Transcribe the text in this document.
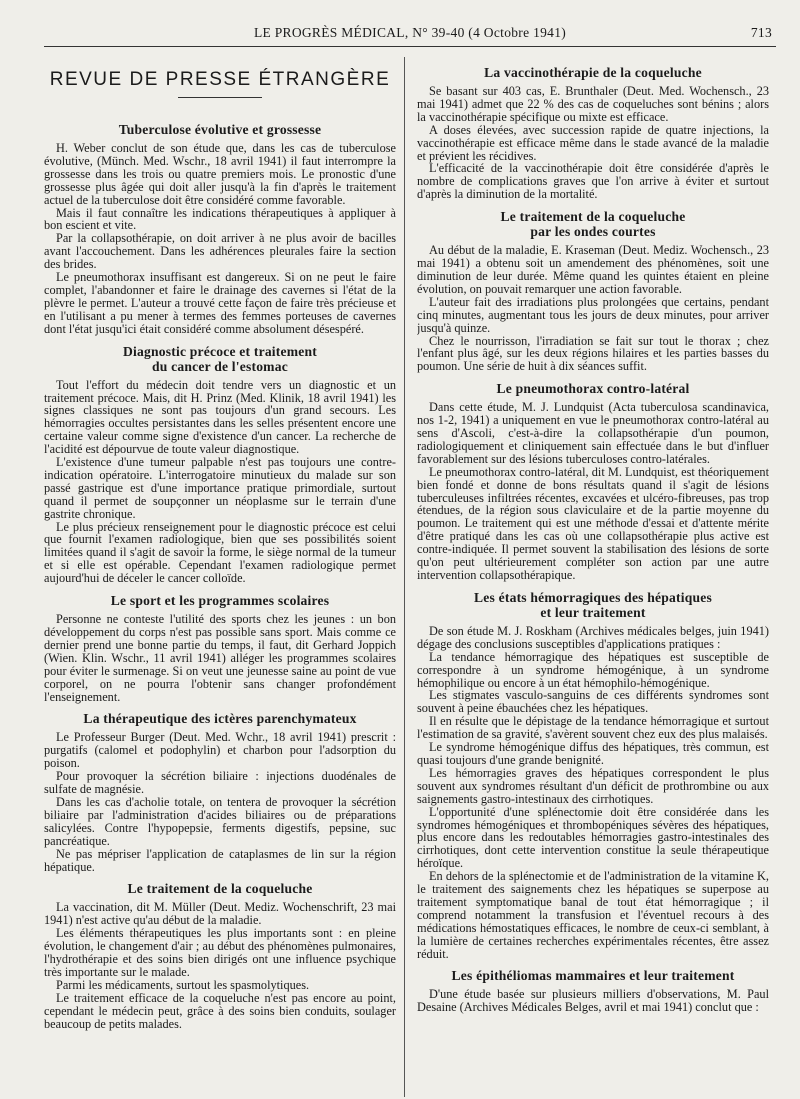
LE PROGRÈS MÉDICAL, N° 39-40 (4 Octobre 1941)	713
REVUE DE PRESSE ÉTRANGÈRE
Tuberculose évolutive et grossesse

H. Weber conclut de son étude que, dans les cas de tuberculose évolutive, (Münch. Med. Wschr., 18 avril 1941) il faut interrompre la grossesse dans les trois ou quatre premiers mois. Le pronostic d'une grossesse plus âgée qui doit aller jusqu'à la fin d'après le traitement actuel de la tuberculose doit être considéré comme favorable.

Mais il faut connaître les indications thérapeutiques à appliquer à bon escient et vite.

Par la collapsothérapie, on doit arriver à ne plus avoir de bacilles avant l'accouchement. Dans les adhérences pleurales faire la section des brides.

Le pneumothorax insuffisant est dangereux. Si on ne peut le faire complet, l'abandonner et faire le drainage des cavernes si l'état de la plèvre le permet. L'auteur a trouvé cette façon de faire très précieuse et en l'utilisant a pu mener à termes des femmes porteuses de cavernes dont l'état jusqu'ici était considéré comme absolument désespéré.

Diagnostic précoce et traitement
du cancer de l'estomac

Tout l'effort du médecin doit tendre vers un diagnostic et un traitement précoce. Mais, dit H. Prinz (Med. Klinik, 18 avril 1941) les signes classiques ne sont pas toujours d'un grand secours. Les hémorragies occultes persistantes dans les selles présentent encore une certaine valeur comme signe d'existence d'un cancer. La recherche de l'acidité est dépourvue de toute valeur diagnostique.

L'existence d'une tumeur palpable n'est pas toujours une contre-indication opératoire. L'interrogatoire minutieux du malade sur son passé gastrique est d'une importance pratique primordiale, surtout quand il permet de soupçonner un néoplasme sur le terrain d'une gastrite chronique.

Le plus précieux renseignement pour le diagnostic précoce est celui que fournit l'examen radiologique, bien que ses possibilités soient limitées quand il s'agit de savoir la forme, le siège normal de la tumeur et si elle est opérable. Cependant l'examen radiologique permet aujourd'hui de déceler le cancer colloïde.

Le sport et les programmes scolaires

Personne ne conteste l'utilité des sports chez les jeunes : un bon développement du corps n'est pas possible sans sport. Mais comme ce dernier prend une bonne partie du temps, il faut, dit Gerhard Joppich (Wien. Klin. Wschr., 11 avril 1941) alléger les programmes scolaires pour éviter le surmenage. Si on veut une jeunesse saine au point de vue corporel, on ne pourra l'obtenir sans changer profondément l'enseignement.

La thérapeutique des ictères parenchymateux

Le Professeur Burger (Deut. Med. Wchr., 18 avril 1941) prescrit : purgatifs (calomel et podophylin) et charbon pour l'adsorption du poison.

Pour provoquer la sécrétion biliaire : injections duodénales de sulfate de magnésie.

Dans les cas d'acholie totale, on tentera de provoquer la sécrétion biliaire par l'administration d'acides biliaires ou de préparations salicylées. Contre l'hypopepsie, ferments digestifs, pepsine, suc pancréatique.

Ne pas mépriser l'application de cataplasmes de lin sur la région hépatique.

Le traitement de la coqueluche

La vaccination, dit M. Müller (Deut. Mediz. Wochenschrift, 23 mai 1941) n'est active qu'au début de la maladie.

Les éléments thérapeutiques les plus importants sont : en pleine évolution, le changement d'air ; au début des phénomènes pulmonaires, l'hydrothérapie et des soins bien dirigés ont une influence psychique très importante sur le malade.

Parmi les médicaments, surtout les spasmolytiques.

Le traitement efficace de la coqueluche n'est pas encore au point, cependant le médecin peut, grâce à des soins bien conduits, soulager beaucoup de petits malades.

La vaccinothérapie de la coqueluche

Se basant sur 403 cas, E. Brunthaler (Deut. Med. Wochensch., 23 mai 1941) admet que 22 % des cas de coqueluches sont bénins ; alors la vaccinothérapie spécifique ou mixte est efficace.

A doses élevées, avec succession rapide de quatre injections, la vaccinothérapie est efficace même dans le stade avancé de la maladie et prévient les récidives.

L'efficacité de la vaccinothérapie doit être considérée d'après le nombre de complications graves que l'on arrive à éviter et surtout d'après la diminution de la mortalité.

Le traitement de la coqueluche
par les ondes courtes

Au début de la maladie, E. Kraseman (Deut. Mediz. Wochensch., 23 mai 1941) a obtenu soit un amendement des phénomènes, soit une diminution de leur durée. Même quand les quintes étaient en pleine évolution, on pouvait remarquer une action favorable.

L'auteur fait des irradiations plus prolongées que certains, pendant cinq minutes, augmentant tous les jours de deux minutes, pour arriver jusqu'à quinze.

Chez le nourrisson, l'irradiation se fait sur tout le thorax ; chez l'enfant plus âgé, sur les deux régions hilaires et les parties basses du poumon. Une série de huit à dix séances suffit.

Le pneumothorax contro-latéral

Dans cette étude, M. J. Lundquist (Acta tuberculosa scandinavica, nos 1-2, 1941) a uniquement en vue le pneumothorax contro-latéral au sens d'Ascoli, c'est-à-dire la collapsothérapie d'un poumon, radiologiquement et cliniquement sain effectuée dans le but d'influer favorablement sur des lésions tuberculoses contro-latérales.

Le pneumothorax contro-latéral, dit M. Lundquist, est théoriquement bien fondé et donne de bons résultats quand il s'agit de lésions tuberculeuses infiltrées récentes, excavées et ulcéro-fibreuses, pas trop étendues, de la région sous claviculaire et de la partie moyenne du poumon. Le traitement qui est une méthode d'essai et d'attente mérite d'être pratiqué dans les cas où une collapsothérapie plus active est contre-indiquée. Il permet souvent la stabilisation des lésions de sorte qu'on peut ultérieurement compléter son action par une autre intervention collapsothérapique.

Les états hémorragiques des hépatiques
et leur traitement

De son étude M. J. Roskham (Archives médicales belges, juin 1941) dégage des conclusions susceptibles d'applications pratiques :

La tendance hémorragique des hépatiques est susceptible de correspondre à un syndrome hémogénique, à un syndrome hémophilique ou encore à un état hémophilo-hémogénique.

Les stigmates vasculo-sanguins de ces différents syndromes sont souvent à peine ébauchées chez les hépatiques.

Il en résulte que le dépistage de la tendance hémorragique et surtout l'estimation de sa gravité, s'avèrent souvent chez eux des plus malaisés.

Le syndrome hémogénique diffus des hépatiques, très commun, est quasi toujours d'une grande benignité.

Les hémorragies graves des hépatiques correspondent le plus souvent aux syndromes résultant d'un déficit de prothrombine ou aux saignements gastro-intestinaux des cirrhotiques.

L'opportunité d'une splénectomie doit être considérée dans les syndromes hémogéniques et thrombopéniques sévères des hépatiques, plus encore dans les redoutables hémorragies gastro-intestinales des cirrhotiques, dont cette intervention constitue la seule thérapeutique héroïque.

En dehors de la splénectomie et de l'administration de la vitamine K, le traitement des saignements chez les hépatiques se superpose au traitement symptomatique banal de tout état hémorragique ; il comprend notamment la transfusion et l'éventuel recours à des médications hémostatiques efficaces, le nombre de ceux-ci semblant, à la lumière de certaines recherches expérimentales récentes, être assez réduit.

Les épithéliomas mammaires et leur traitement

D'une étude basée sur plusieurs milliers d'observations, M. Paul Desaine (Archives Médicales Belges, avril et mai 1941) conclut que :
